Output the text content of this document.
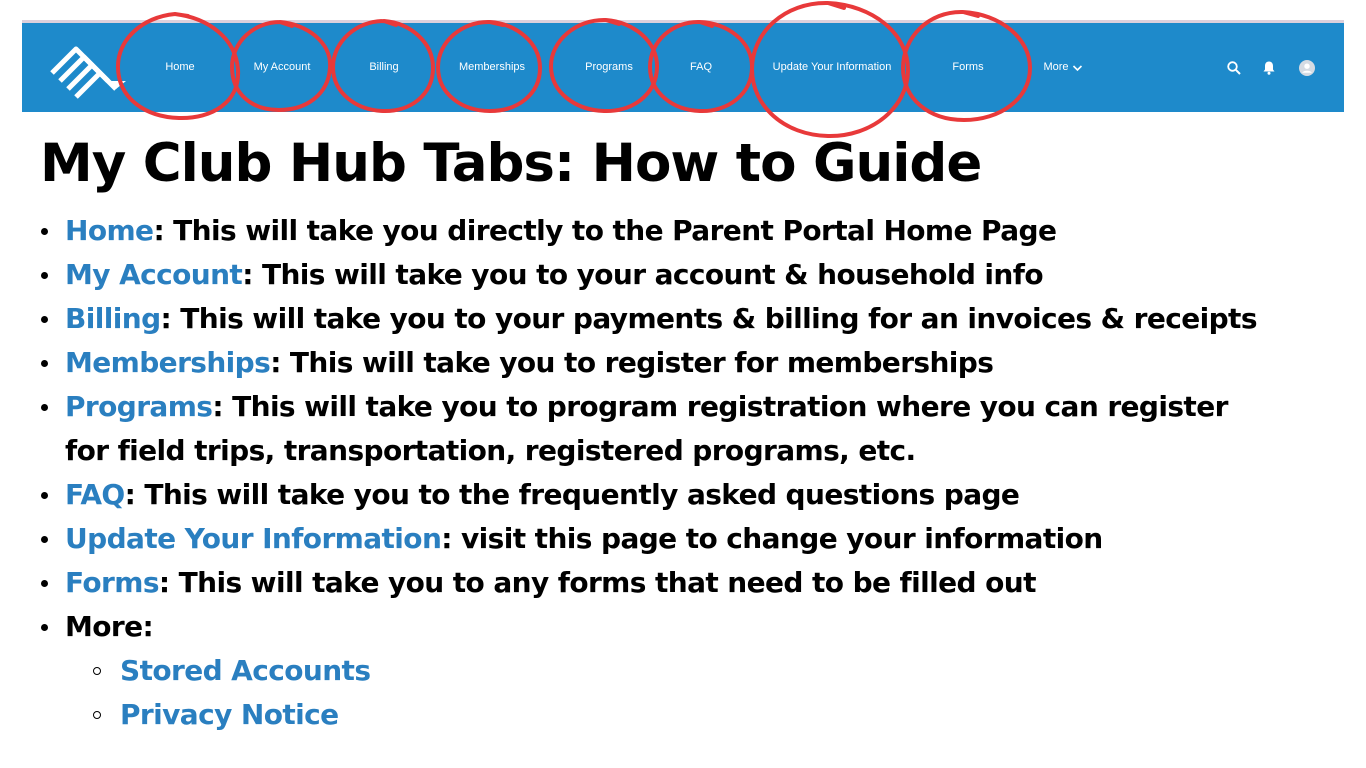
Home	My Account	Billing	Memberships	Programs	FAQ	Update Your Information	Forms	More
My Club Hub Tabs: How to Guide
Home: This will take you directly to the Parent Portal Home Page
My Account: This will take you to your account & household info
Billing: This will take you to your payments & billing for an invoices & receipts
Memberships: This will take you to register for memberships
Programs: This will take you to program registration where you can register
for field trips, transportation, registered programs, etc.
FAQ: This will take you to the frequently asked questions page
Update Your Information: visit this page to change your information
Forms: This will take you to any forms that need to be filled out
More:
Stored Accounts
Privacy Notice
